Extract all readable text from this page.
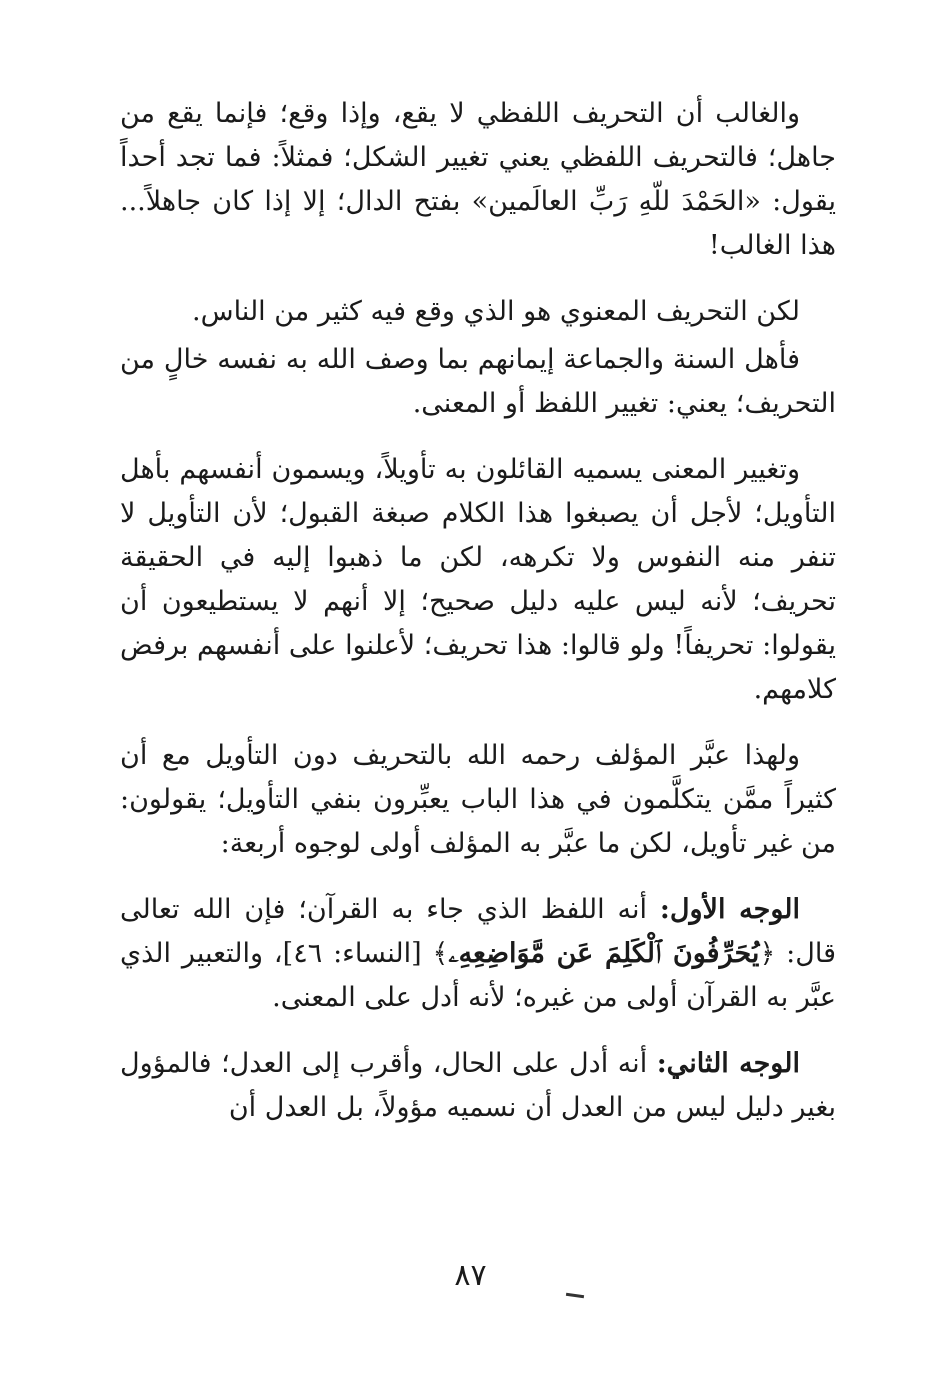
والغالب أن التحريف اللفظي لا يقع، وإذا وقع؛ فإنما يقع من جاهل؛ فالتحريف اللفظي يعني تغيير الشكل؛ فمثلاً: فما تجد أحداً يقول: «الحَمْدَ للّهِ رَبِّ العالَمين» بفتح الدال؛ إلا إذا كان جاهلاً... هذا الغالب!

لكن التحريف المعنوي هو الذي وقع فيه كثير من الناس.

فأهل السنة والجماعة إيمانهم بما وصف الله به نفسه خالٍ من التحريف؛ يعني: تغيير اللفظ أو المعنى.

وتغيير المعنى يسميه القائلون به تأويلاً، ويسمون أنفسهم بأهل التأويل؛ لأجل أن يصبغوا هذا الكلام صبغة القبول؛ لأن التأويل لا تنفر منه النفوس ولا تكرهه، لكن ما ذهبوا إليه في الحقيقة تحريف؛ لأنه ليس عليه دليل صحيح؛ إلا أنهم لا يستطيعون أن يقولوا: تحريفاً! ولو قالوا: هذا تحريف؛ لأعلنوا على أنفسهم برفض كلامهم.

ولهذا عبَّر المؤلف رحمه الله بالتحريف دون التأويل مع أن كثيراً ممَّن يتكلَّمون في هذا الباب يعبِّرون بنفي التأويل؛ يقولون: من غير تأويل، لكن ما عبَّر به المؤلف أولى لوجوه أربعة:

الوجه الأول: أنه اللفظ الذي جاء به القرآن؛ فإن الله تعالى قال: ﴿يُحَرِّفُونَ ٱلْكَلِمَ عَن مَّوَاضِعِهِۦ﴾ [النساء: ٤٦]، والتعبير الذي عبَّر به القرآن أولى من غيره؛ لأنه أدل على المعنى.

الوجه الثاني: أنه أدل على الحال، وأقرب إلى العدل؛ فالمؤول بغير دليل ليس من العدل أن نسميه مؤولاً، بل العدل أن

٨٧
